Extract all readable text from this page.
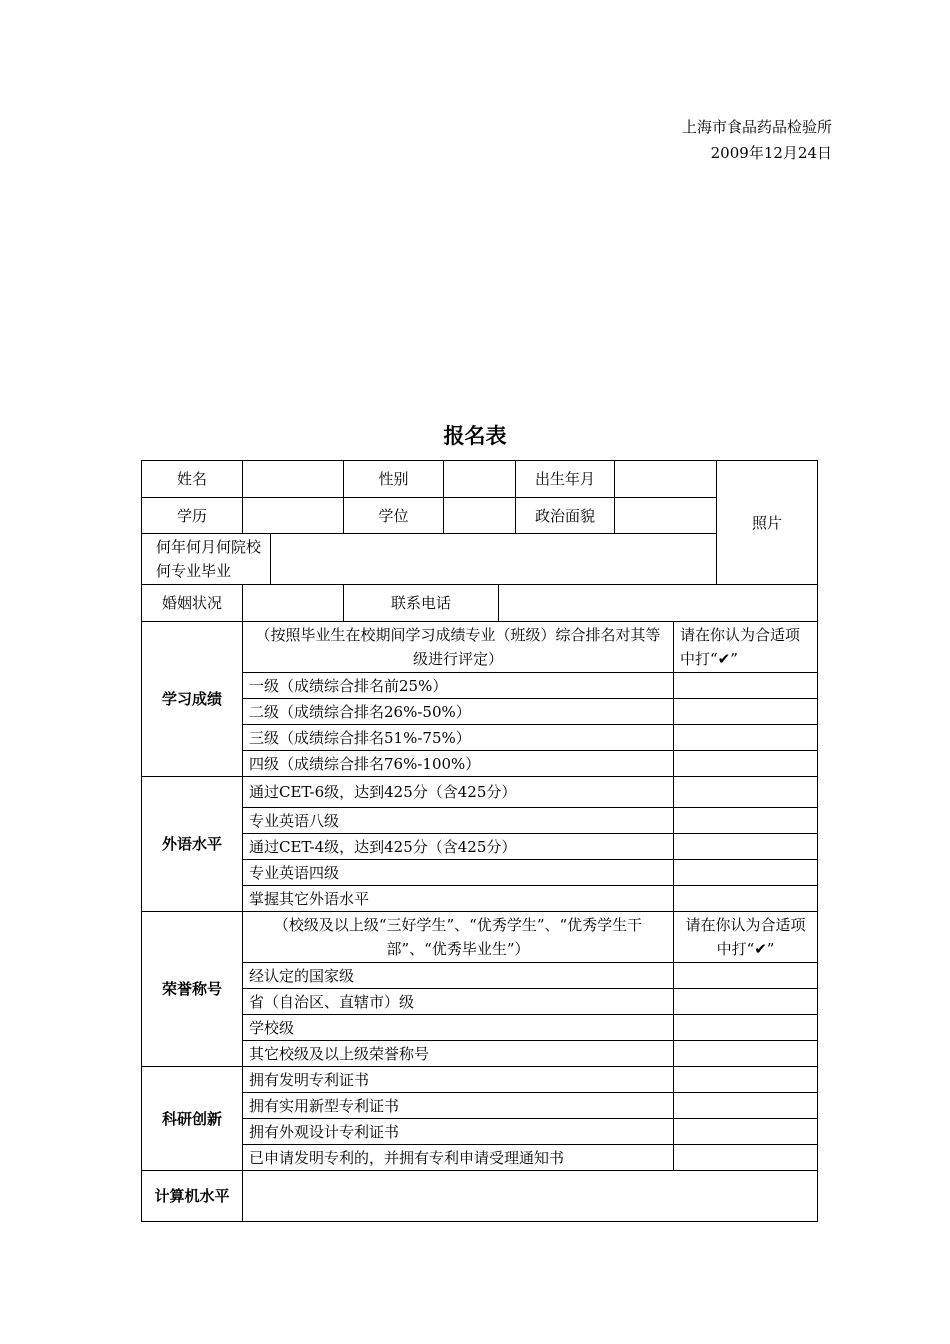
上海市食品药品检验所
2009年12月24日
报名表
姓名			性别			出生年月			照片
学历			学位			政治面貌			
何年何月何院校何专业毕业									
婚姻状况			联系电话						
学习成绩	（按照毕业生在校期间学习成绩专业（班级）综合排名对其等级进行评定）							请在你认为合适项中打“✔”	
	一级（成绩综合排名前25%）								
	二级（成绩综合排名26%-50%）								
	三级（成绩综合排名51%-75%）								
	四级（成绩综合排名76%-100%）								
外语水平	通过CET-6级，达到425分（含425分）								
	专业英语八级								
	通过CET-4级，达到425分（含425分）								
	专业英语四级								
	掌握其它外语水平								
荣誉称号	（校级及以上级“三好学生”、“优秀学生”、“优秀学生干部”、“优秀毕业生”）							请在你认为合适项中打“✔”	
	经认定的国家级								
	省（自治区、直辖市）级								
	学校级								
	其它校级及以上级荣誉称号								
科研创新	拥有发明专利证书								
	拥有实用新型专利证书								
	拥有外观设计专利证书								
	已申请发明专利的，并拥有专利申请受理通知书								
计算机水平									
